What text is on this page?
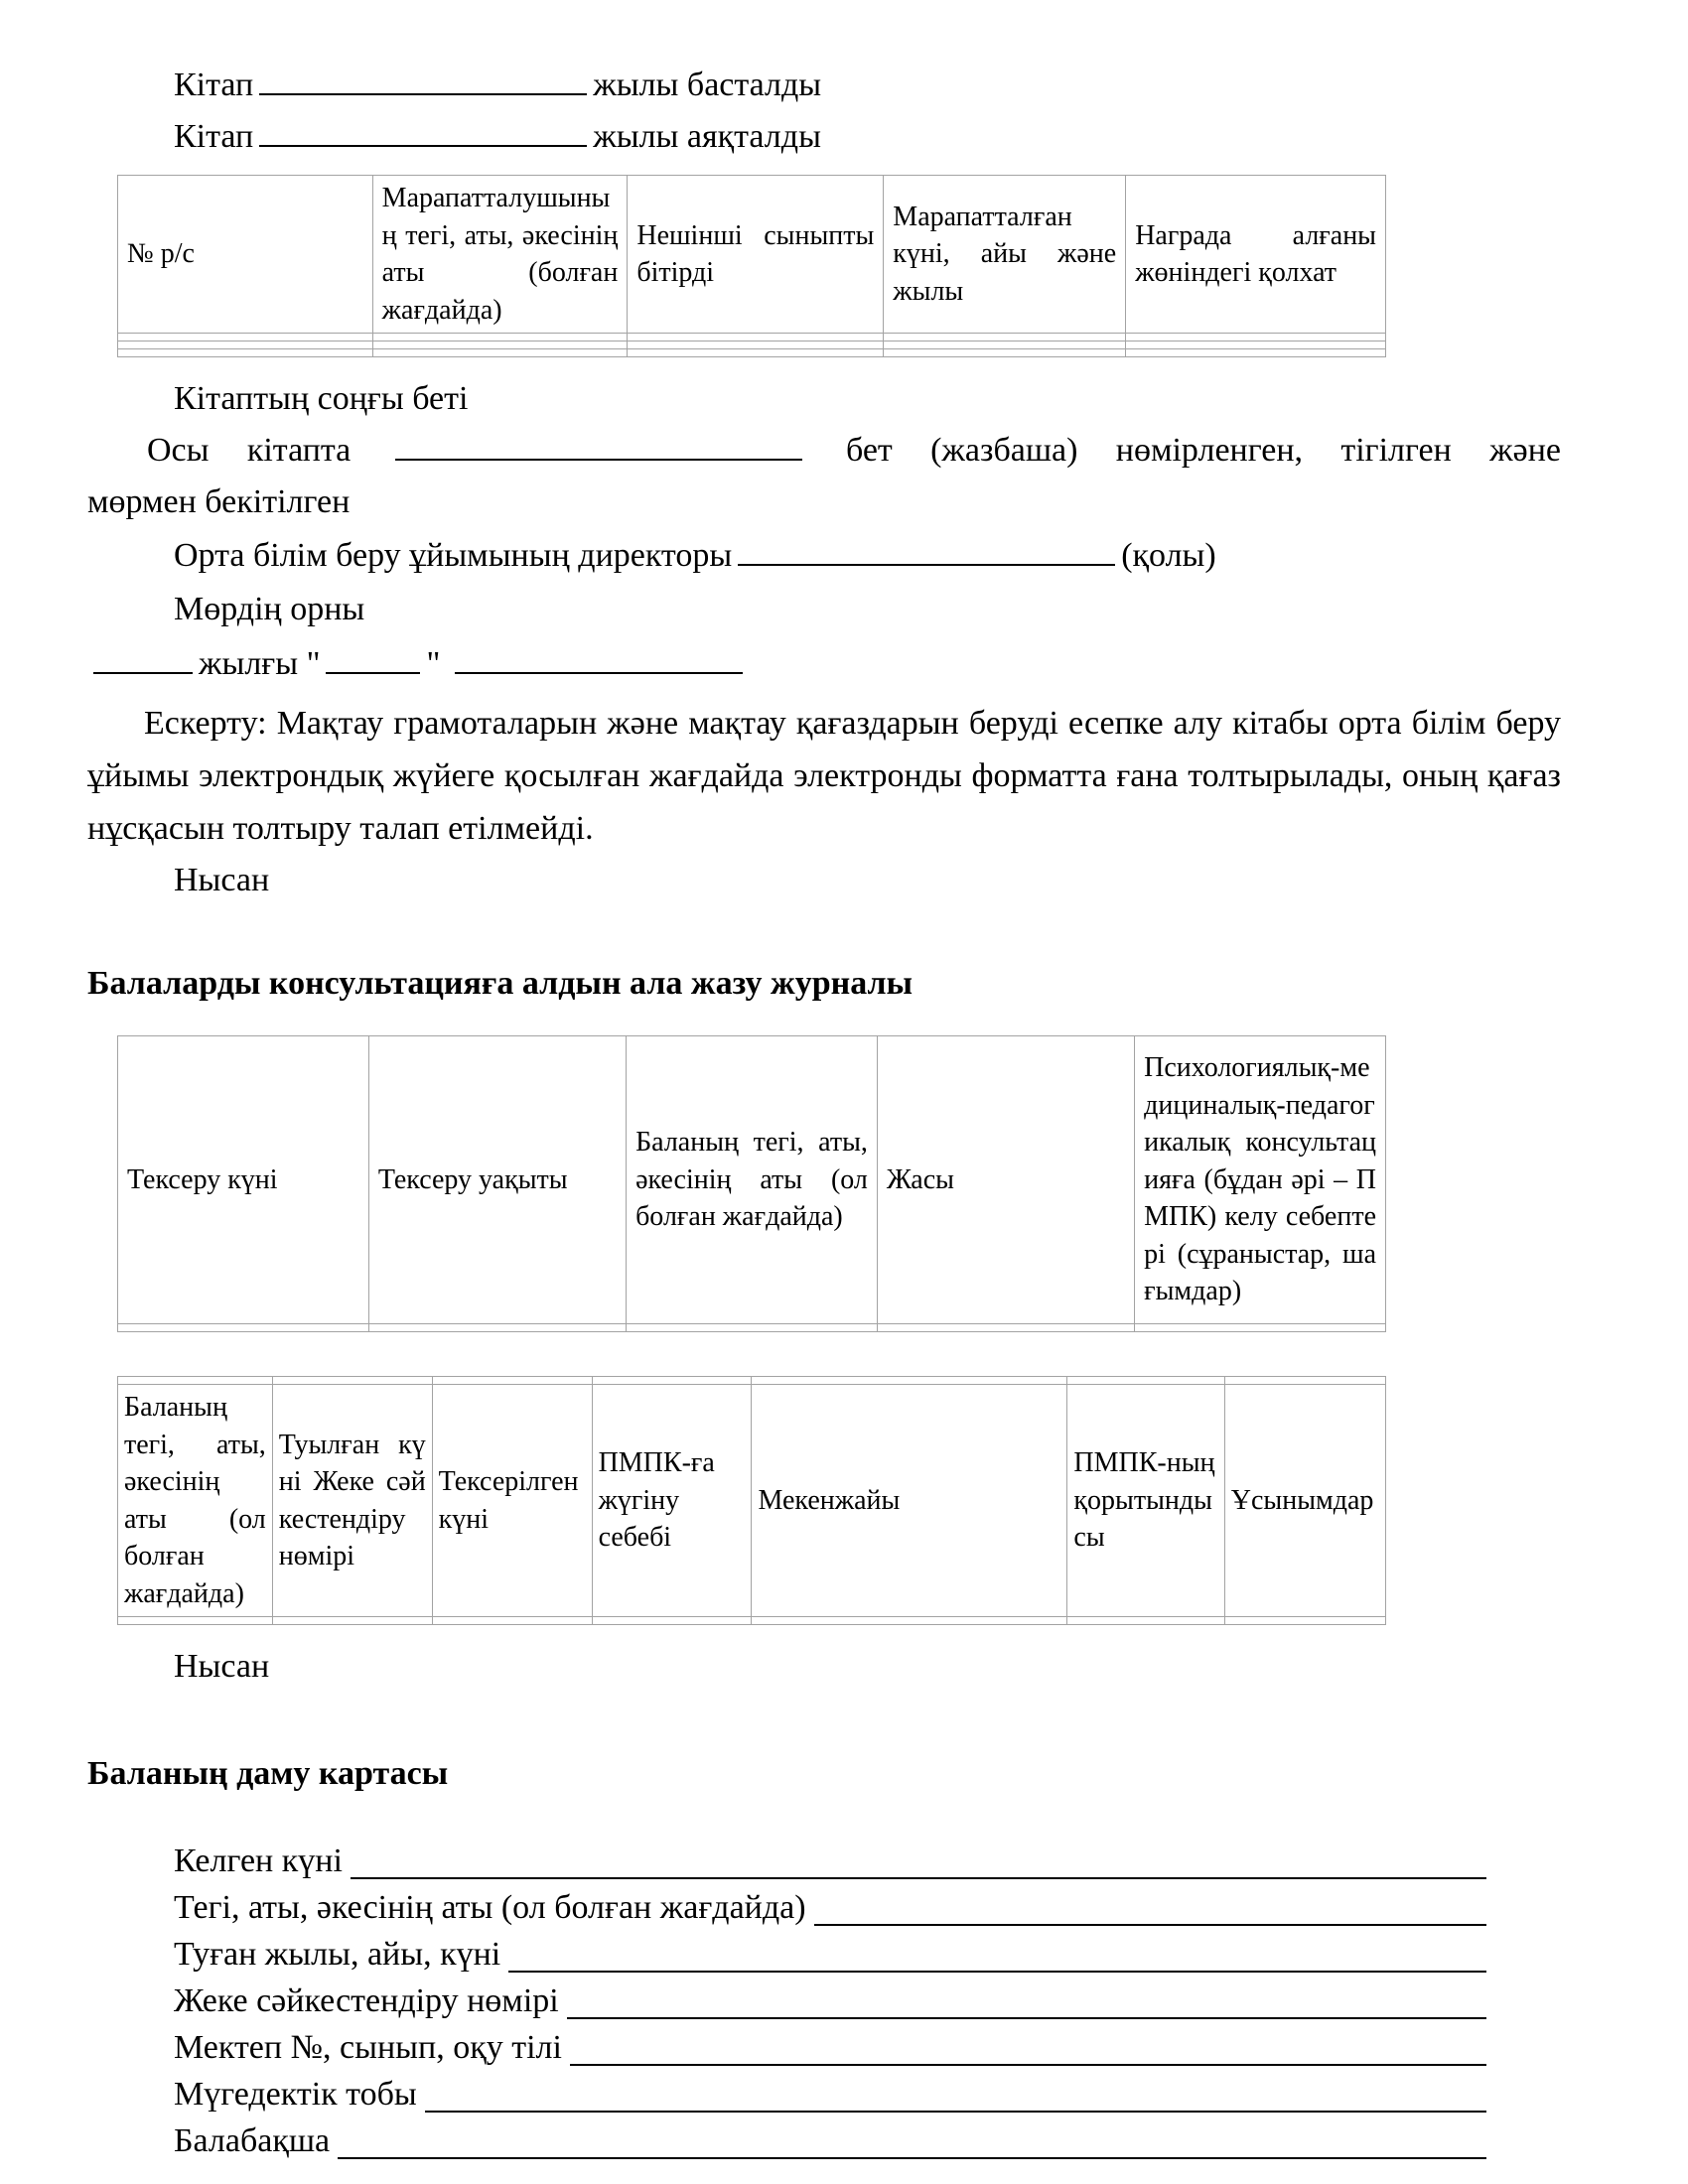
Кітап	жылы басталды
Кітап	жылы аяқталды
№ р/с	Марапатталушының тегі, аты, әкесінің аты (болған жағдайда)	Нешінші сыныпты бітірді	Марапатталған күні, айы және жылы	Награда алғаны жөніндегі қолхат

Кітаптың соңғы беті
Осы кітапта	бет (жазбаша) нөмірленген, тігілген және
мөрмен бекітілген
Орта білім беру ұйымының директоры	(қолы)
Мөрдің орны
жылғы "	"
Ескерту: Мақтау грамоталарын және мақтау қағаздарын беруді есепке алу кітабы орта білім беру ұйымы электрондық жүйеге қосылған жағдайда электронды форматта ғана толтырылады, оның қағаз нұсқасын толтыру талап етілмейді.
Нысан
Балаларды консультацияға алдын ала жазу журналы
Тексеру күні	Тексеру уақыты	Баланың тегі, аты, әкесінің аты (ол болған жағдайда)	Жасы	Психологиялық-медициналық-педагогикалық консультацияға (бұдан әрі – ПМПК) келу себептері (сұраныстар, шағымдар)

Баланың тегі, аты, әкесінің аты (ол болған жағдайда)	Туылған күні Жеке сәйкестендіру нөмірі	Тексерілген күні	ПМПК-ға жүгіну себебі	Мекенжайы	ПМПК-ның қорытындысы	Ұсынымдар

Нысан
Баланың даму картасы
Келген күні
Тегі, аты, әкесінің аты (ол болған жағдайда)
Туған жылы, айы, күні
Жеке сәйкестендіру нөмірі
Мектеп №, сынып, оқу тілі
Мүгедектік тобы
Балабақша
